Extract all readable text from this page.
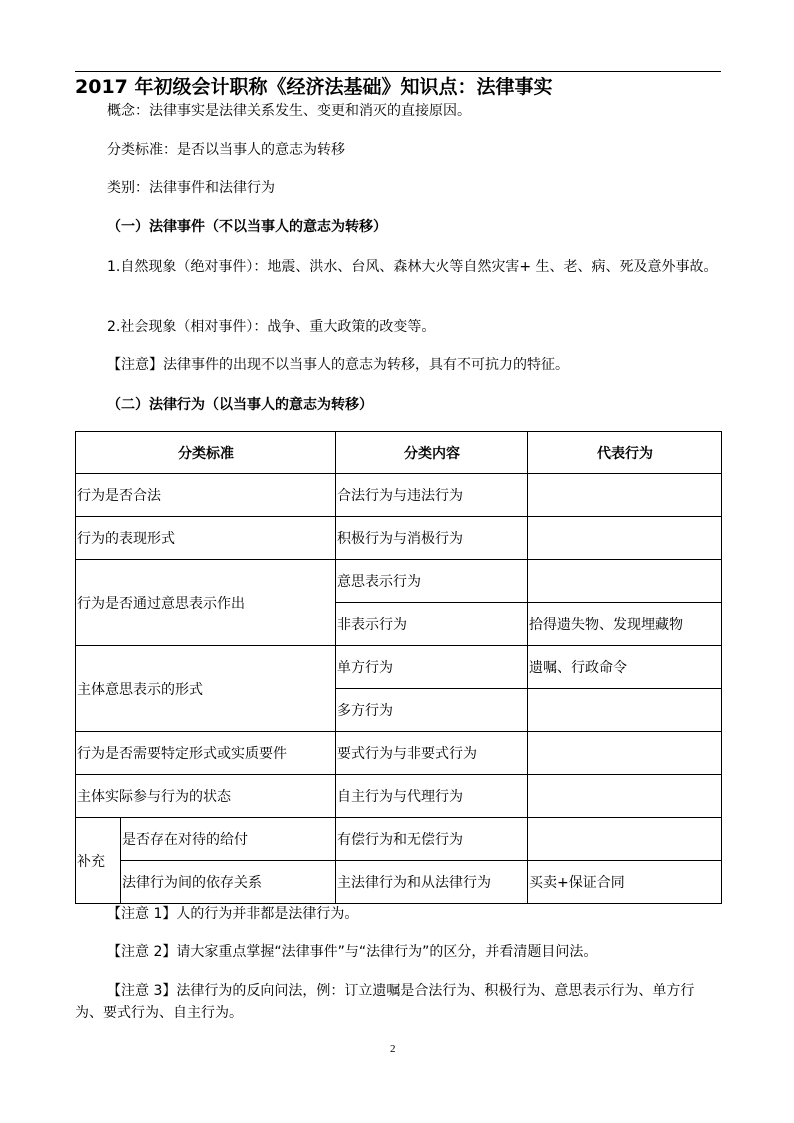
2017 年初级会计职称《经济法基础》知识点：法律事实
概念：法律事实是法律关系发生、变更和消灭的直接原因。
分类标准：是否以当事人的意志为转移
类别：法律事件和法律行为
（一）法律事件（不以当事人的意志为转移）
1.自然现象（绝对事件）：地震、洪水、台风、森林大火等自然灾害+ 生、老、病、死及意外事故。
2.社会现象（相对事件）：战争、重大政策的改变等。
【注意】法律事件的出现不以当事人的意志为转移，具有不可抗力的特征。
（二）法律行为（以当事人的意志为转移）
分类标准		分类内容	代表行为
行为是否合法		合法行为与违法行为	
行为的表现形式		积极行为与消极行为	
行为是否通过意思表示作出		意思表示行为	
		非表示行为	拾得遗失物、发现埋藏物
主体意思表示的形式		单方行为	遗嘱、行政命令
		多方行为	
行为是否需要特定形式或实质要件		要式行为与非要式行为	
主体实际参与行为的状态		自主行为与代理行为	
补充	是否存在对待的给付	有偿行为和无偿行为	
	法律行为间的依存关系	主法律行为和从法律行为	买卖+保证合同
【注意 1】人的行为并非都是法律行为。
【注意 2】请大家重点掌握“法律事件”与“法律行为”的区分，并看清题目问法。
【注意 3】法律行为的反向问法，例：订立遗嘱是合法行为、积极行为、意思表示行为、单方行为、要式行为、自主行为。
2
